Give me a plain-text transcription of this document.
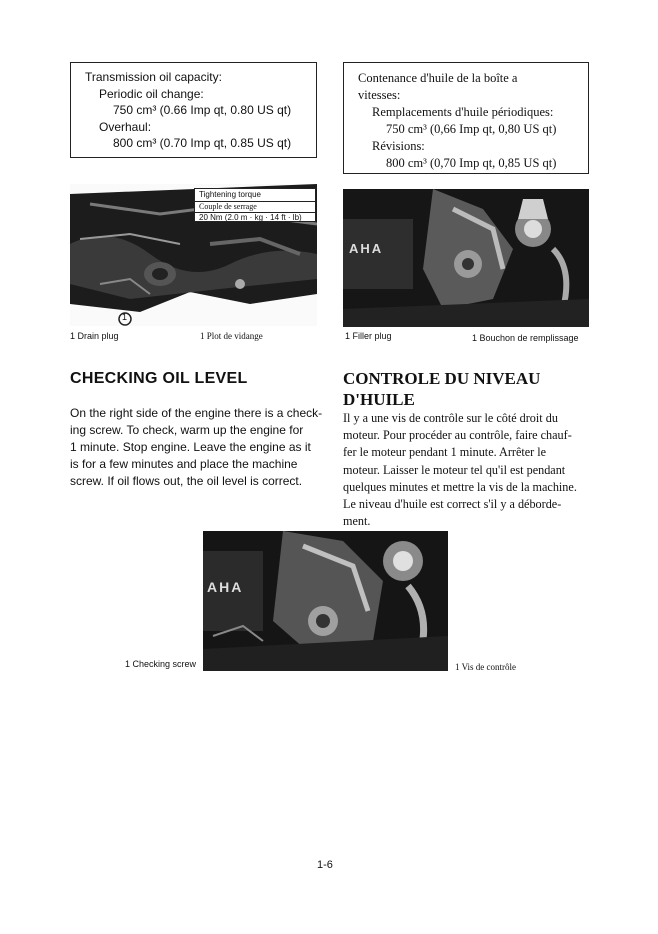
Transmission oil capacity:
Periodic oil change:
750 cm³ (0.66 Imp qt, 0.80 US qt)
Overhaul:
800 cm³ (0.70 Imp qt, 0.85 US qt)
Contenance d'huile de la boîte a
vitesses:
Remplacements d'huile périodiques:
750 cm³ (0,66 Imp qt, 0,80 US qt)
Révisions:
800 cm³ (0,70 Imp qt, 0,85 US qt)
1
Tightening torque
Couple de serrage
20 Nm (2.0 m · kg · 14 ft · lb)
AHA
1 Drain plug	1 Plot de vidange	1 Filler plug	1 Bouchon de remplissage
CHECKING OIL LEVEL
On the right side of the engine there is a check-
ing screw. To check, warm up the engine for
1 minute. Stop engine. Leave the engine as it
is for a few minutes and place the machine
screw. If oil flows out, the oil level is correct.
CONTROLE DU NIVEAU
D'HUILE
Il y a une vis de contrôle sur le côté droit du
moteur. Pour procéder au contrôle, faire chauf-
fer le moteur pendant 1 minute. Arrêter le
moteur. Laisser le moteur tel qu'il est pendant
quelques minutes et mettre la vis de la machine.
Le niveau d'huile est correct s'il y a déborde-
ment.
AHA
1 Checking screw	1 Vis de contrôle
1-6
